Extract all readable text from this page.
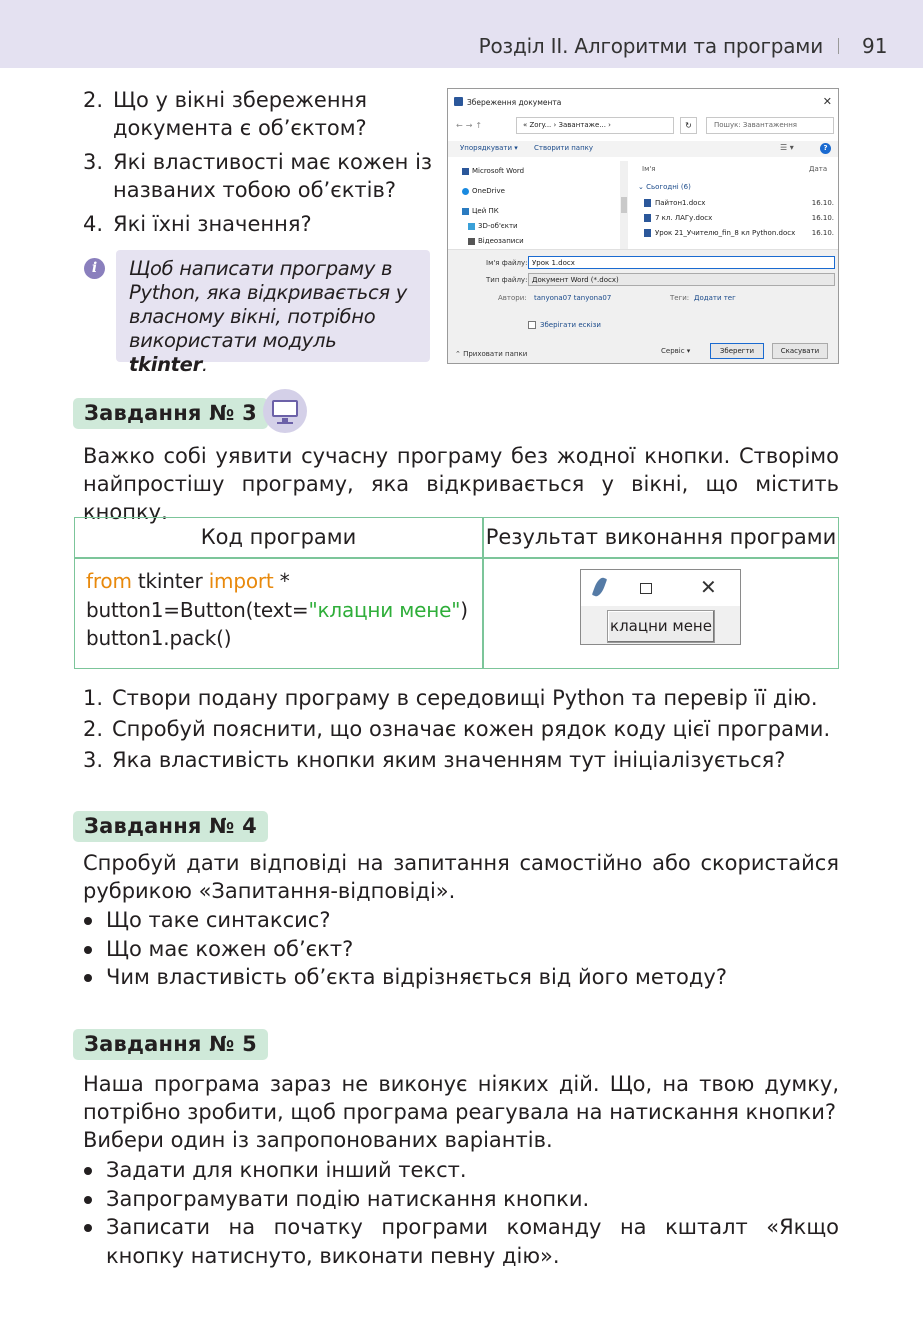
Розділ II. Алгоритми та програми 91
2. Що у вікні збереження документа є об’єктом?
3. Які властивості має кожен із названих тобою об’єктів?
4. Які їхні значення?
i	Щоб написати програму в Python, яка відкривається у власному вікні, потрібно використати модуль tkinter.
Збереження документа	✕
←→↑	« Zory... › Завантаже... ›	↻	Пошук: Завантаження
Упорядкувати ▾ Створити папку	☰ ▾	?
Microsoft Word
OneDrive
Цей ПК
3D-об'єкти
Відеозаписи
Ім'я	Дата
⌄ Сьогодні (6)
Пайтон1.docx	16.10.
7 кл. ЛАГу.docx	16.10.
Урок 21_Учителю_fin_8 кл Python.docx	16.10.
Ім'я файлу: Урок 1.docx
Тип файлу: Документ Word (*.docx)
Автори: tanyona07 tanyona07	Теги: Додати тег
Зберігати ескізи
⌃ Приховати папки	Сервіс ▾	Зберегти	Скасувати
Завдання № 3
Важко собі уявити сучасну програму без жодної кнопки. Створімо найпростішу програму, яка відкривається у вікні, що містить кнопку.
Код програми	Результат виконання програми
from tkinter import *
button1=Button(text="клацни мене")
button1.pack()
✕
клацни мене
1. Створи подану програму в середовищі Python та перевір її дію.
2. Спробуй пояснити, що означає кожен рядок коду цієї програми.
3. Яка властивість кнопки яким значенням тут ініціалізується?
Завдання № 4
Спробуй дати відповіді на запитання самостійно або скористайся рубрикою «Запитання-відповіді».
Що таке синтаксис?
Що має кожен об’єкт?
Чим властивість об’єкта відрізняється від його методу?
Завдання № 5
Наша програма зараз не виконує ніяких дій. Що, на твою думку, потрібно зробити, щоб програма реагувала на натискання кнопки?
Вибери один із запропонованих варіантів.
Задати для кнопки інший текст.
Запрограмувати подію натискання кнопки.
Записати на початку програми команду на кшталт «Якщо кнопку натиснуто, виконати певну дію».
